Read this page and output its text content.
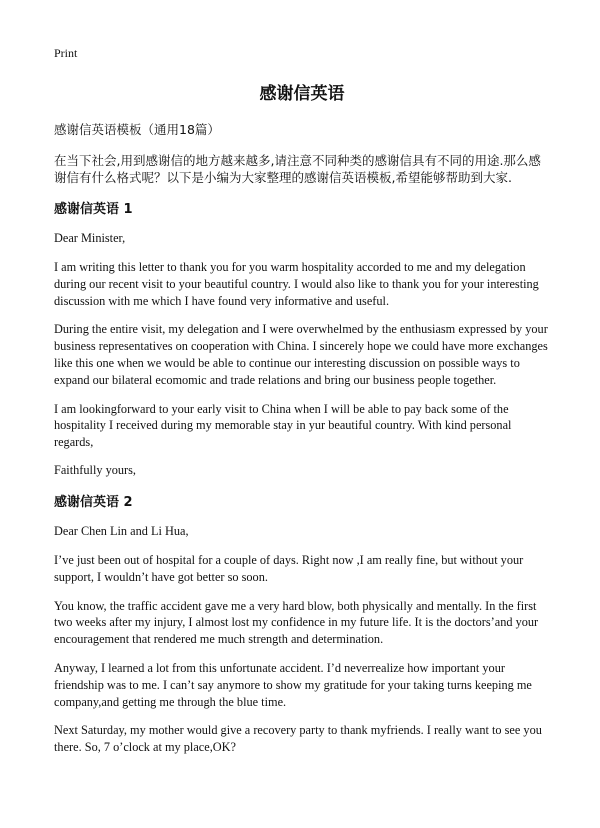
Print
感谢信英语
感谢信英语模板（通用18篇）
在当下社会,用到感谢信的地方越来越多,请注意不同种类的感谢信具有不同的用途.那么感谢信有什么格式呢？以下是小编为大家整理的感谢信英语模板,希望能够帮助到大家.
感谢信英语 1
Dear Minister,
I am writing this letter to thank you for you warm hospitality accorded to me and my delegation during our recent visit to your beautiful country. I would also like to thank you for your interesting discussion with me which I have found very informative and useful.
During the entire visit, my delegation and I were overwhelmed by the enthusiasm expressed by your business representatives on cooperation with China. I sincerely hope we could have more exchanges like this one when we would be able to continue our interesting discussion on possible ways to expand our bilateral ecomomic and trade relations and bring our business people together.
I am lookingforward to your early visit to China when I will be able to pay back some of the hospitality I received during my memorable stay in yur beautiful country. With kind personal regards,
Faithfully yours,
感谢信英语 2
Dear Chen Lin and Li Hua,
I’ve just been out of hospital for a couple of days. Right now ,I am really fine, but without your support, I wouldn’t have got better so soon.
You know, the traffic accident gave me a very hard blow, both physically and mentally. In the first two weeks after my injury, I almost lost my confidence in my future life. It is the doctors’and your encouragement that rendered me much strength and determination.
Anyway, I learned a lot from this unfortunate accident. I’d neverrealize how important your friendship was to me. I can’t say anymore to show my gratitude for your taking turns keeping me company,and getting me through the blue time.
Next Saturday, my mother would give a recovery party to thank myfriends. I really want to see you there. So, 7 o’clock at my place,OK?
